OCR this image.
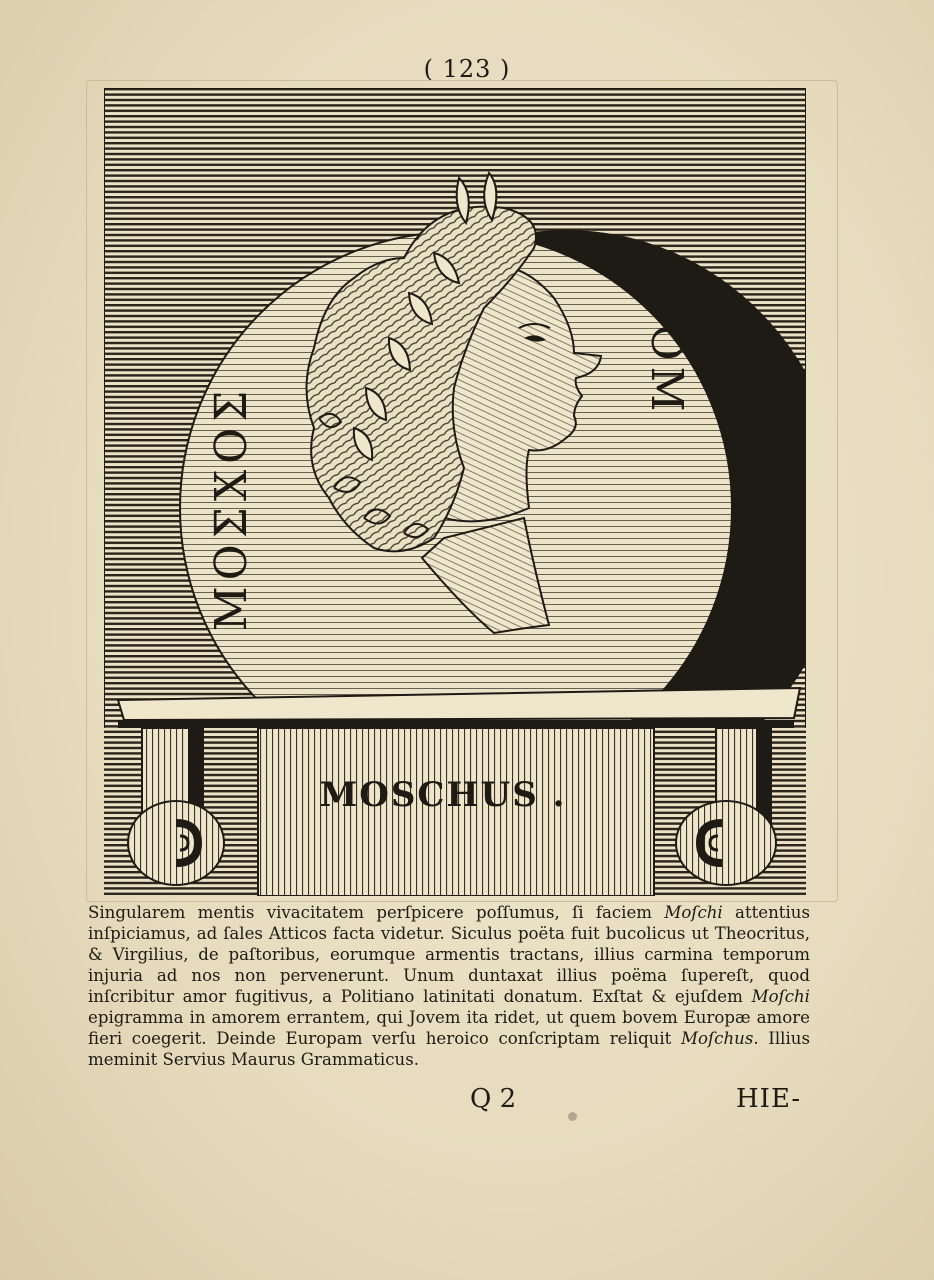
( 123 )
ΜΟΣΧΟΣ
ΦΟΜ
MOSCHUS .

Singularem mentis vivacitatem perſpicere poſſumus, ſi faciem Moſchi attentius inſpiciamus, ad ſales Atticos facta videtur. Siculus poëta fuit bucolicus ut Theocritus, & Virgilius, de paſtoribus, eorumque armentis tractans, illius carmina temporum injuria ad nos non pervenerunt. Unum duntaxat illius poëma ſupereſt, quod inſcribitur amor fugitivus, a Politiano latinitati donatum. Exſtat & ejuſdem Moſchi epigramma in amorem errantem, qui Jovem ita ridet, ut quem bovem Europæ amore fieri coegerit. Deinde Europam verſu heroico conſcriptam reliquit Moſchus. Illius meminit Servius Maurus Grammaticus.

Q 2	HIE-
